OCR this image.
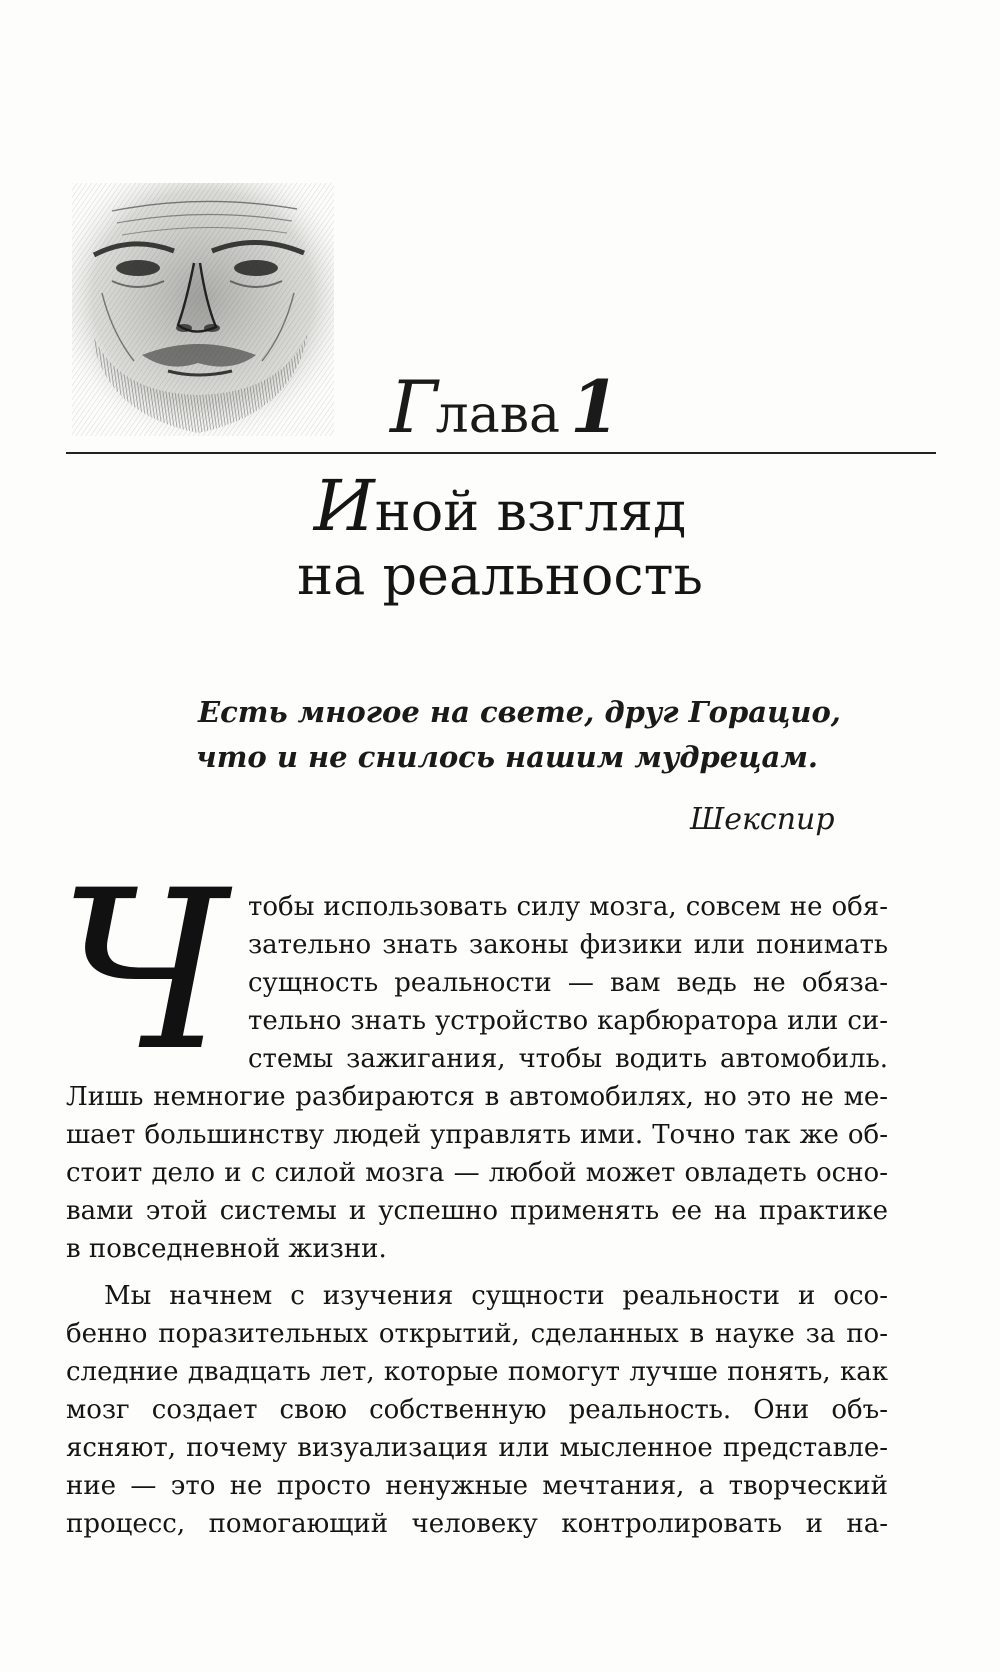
Глава 1
Иной взгляд
на реальность
Есть многое на свете, друг Горацио,
что и не снилось нашим мудрецам.
Шекспир
Ч тобы использовать силу мозга, совсем не обя-
зательно знать законы физики или понимать
сущность реальности — вам ведь не обяза-
тельно знать устройство карбюратора или си-
стемы зажигания, чтобы водить автомобиль.
Лишь немногие разбираются в автомобилях, но это не ме-
шает большинству людей управлять ими. Точно так же об-
стоит дело и с силой мозга — любой может овладеть осно-
вами этой системы и успешно применять ее на практике
в повседневной жизни.
Мы начнем с изучения сущности реальности и осо-
бенно поразительных открытий, сделанных в науке за по-
следние двадцать лет, которые помогут лучше понять, как
мозг создает свою собственную реальность. Они объ-
ясняют, почему визуализация или мысленное представле-
ние — это не просто ненужные мечтания, а творческий
процесс, помогающий человеку контролировать и на-
